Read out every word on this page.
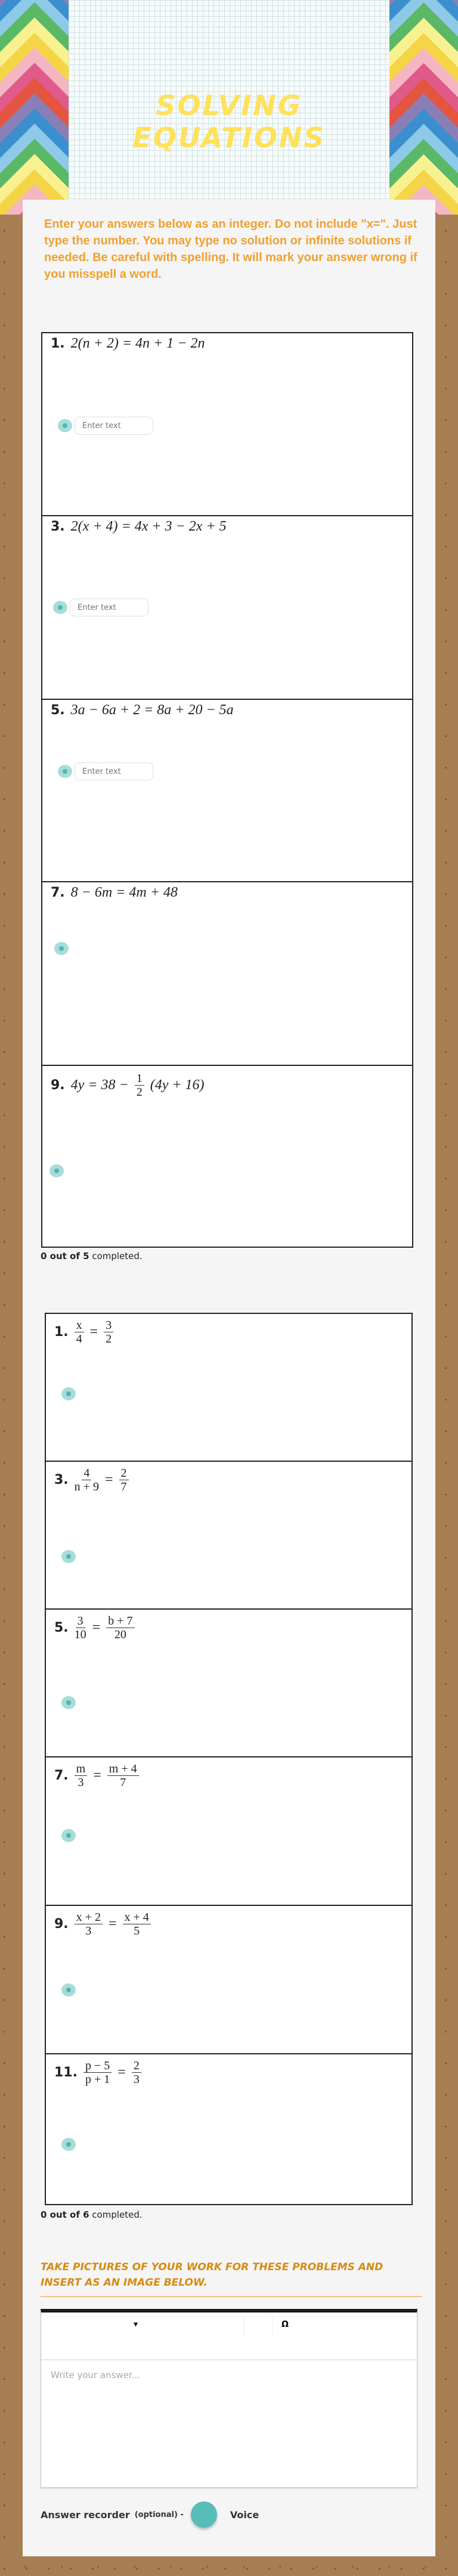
SOLVING EQUATIONS
Enter your answers below as an integer. Do not include "x=". Just type the number. You may type no solution or infinite solutions if needed. Be careful with spelling. It will mark your answer wrong if you misspell a word.
1. 2(n + 2) = 4n + 1 − 2n
Enter text
3. 2(x + 4) = 4x + 3 − 2x + 5
Enter text
5. 3a − 6a + 2 = 8a + 20 − 5a
Enter text
7. 8 − 6m = 4m + 48
9. $4y = 38 - \frac{1}{2} (4y + 16)$
0 out of 5 completed.
1. $\frac{x}{4} = \frac{3}{2}$
3. $\frac{4}{n + 9} = \frac{2}{7}$
5. $\frac{3}{10} = \frac{b + 7}{20}$
7. $\frac{m}{3} = \frac{m + 4}{7}$
9. $\frac{x + 2}{3} = \frac{x + 4}{5}$
11. $\frac{p - 5}{p + 1} = \frac{2}{3}$
0 out of 6 completed.
TAKE PICTURES OF YOUR WORK FOR THESE PROBLEMS AND INSERT AS AN IMAGE BELOW.
▾	Ω
Write your answer...
Answer recorder (optional) -	Voice
